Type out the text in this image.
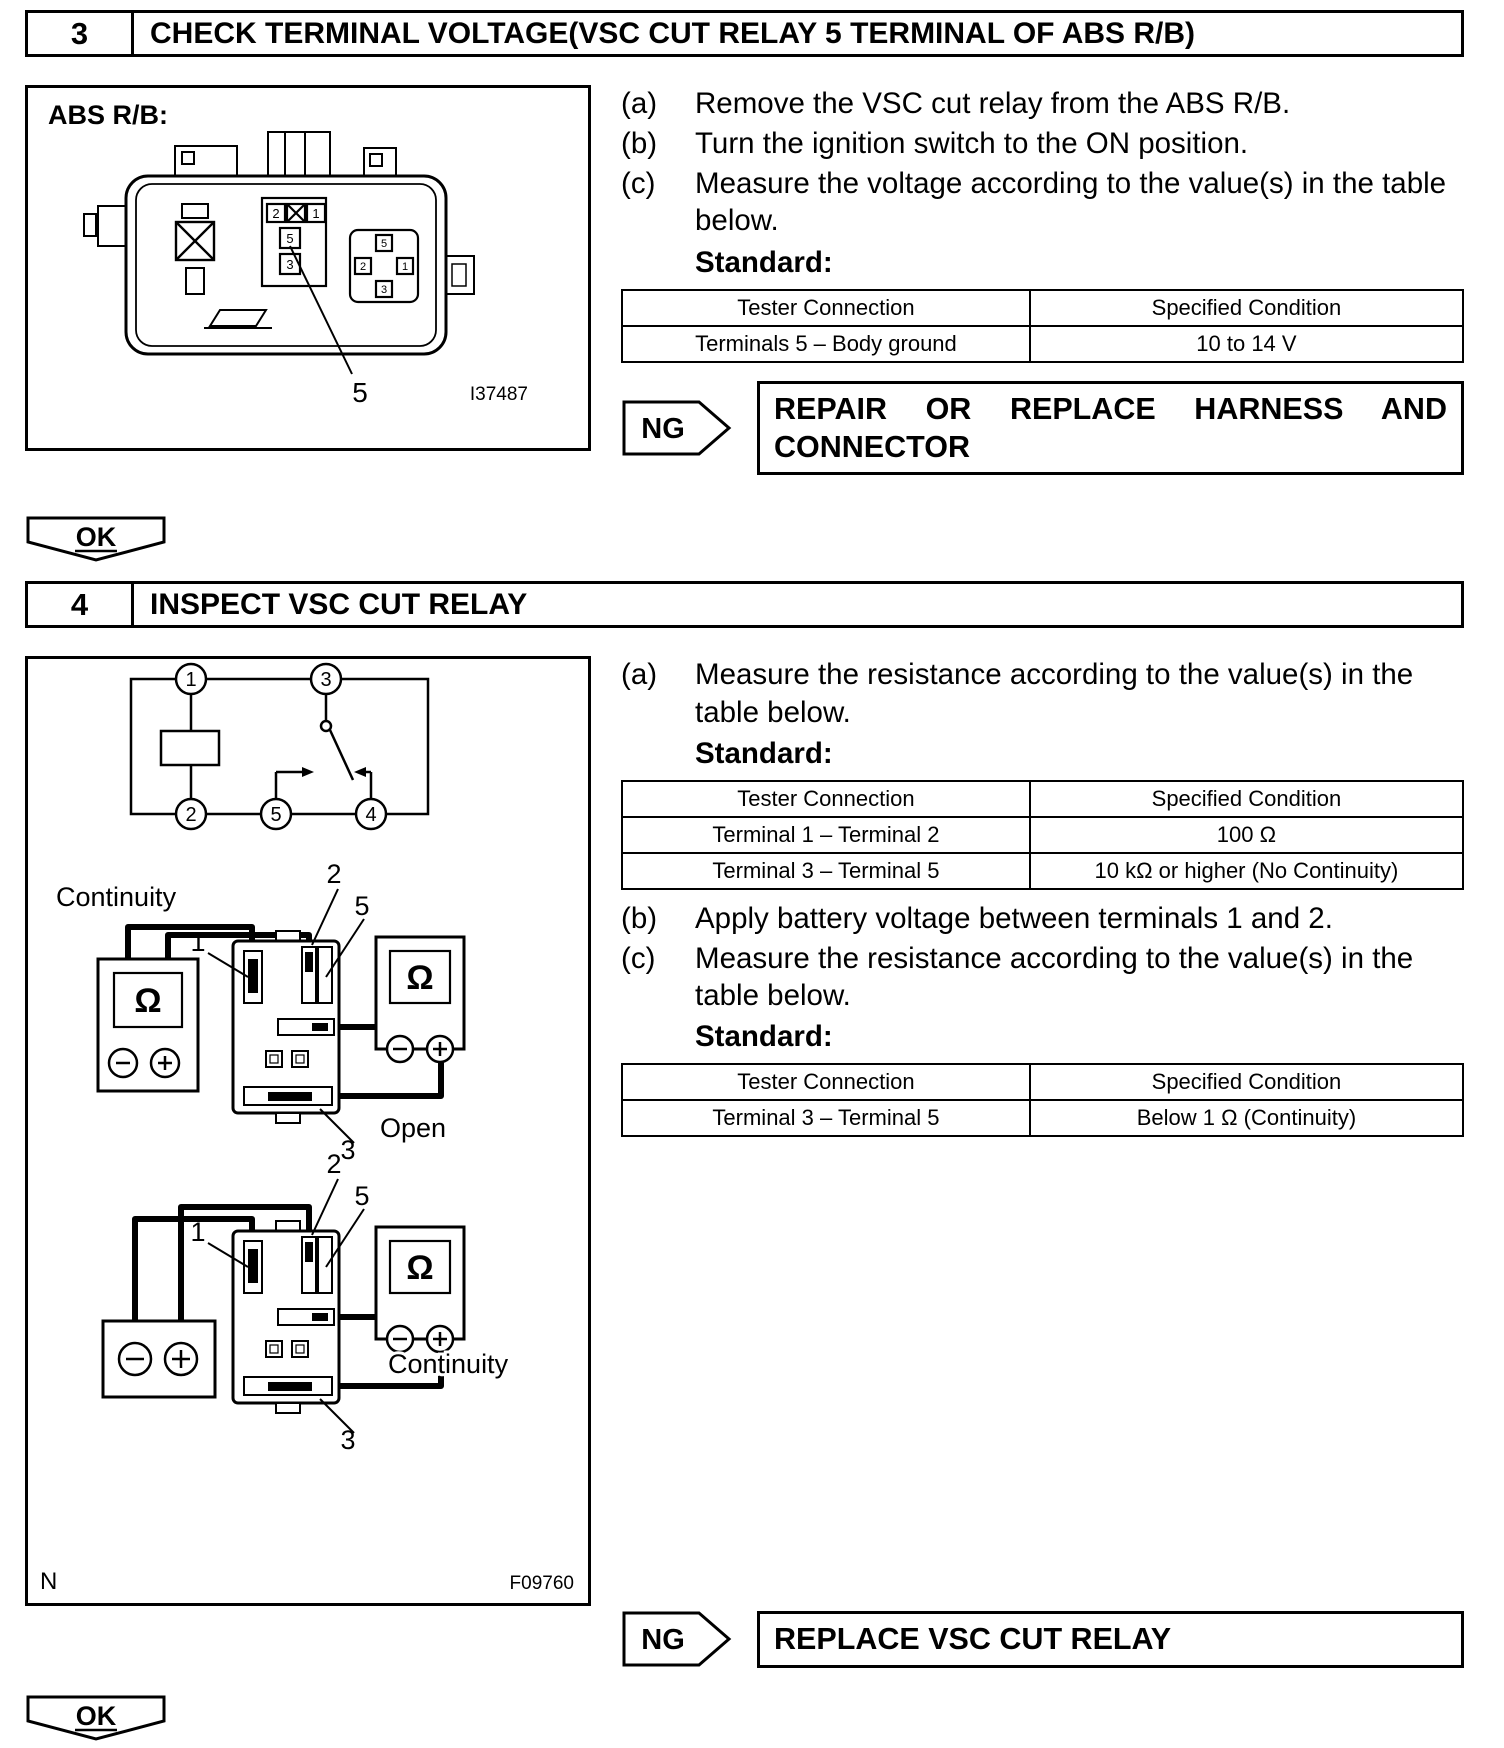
3	CHECK TERMINAL VOLTAGE(VSC CUT RELAY 5 TERMINAL OF ABS R/B)
ABS R/B:
2	1
5
3
5
2	1
3
5	I37487
(a)	Remove the VSC cut relay from the ABS R/B.
(b)	Turn the ignition switch to the ON position.
(c)	Measure the voltage according to the value(s) in the table below.
Standard:
Tester Connection	Specified Condition
Terminals 5 – Body ground	10 to 14 V
NG
REPAIR OR REPLACE HARNESS AND
CONNECTOR
OK
4	INSPECT VSC CUT RELAY
1	3
2	5	4
Continuity
Ω
Ω
2
5
1
3
Open
Ω
2
5
1
3
Continuity
N	F09760
(a)	Measure the resistance according to the value(s) in the table below.
Standard:
Tester Connection	Specified Condition
Terminal 1 – Terminal 2	100 Ω
Terminal 3 – Terminal 5	10 kΩ or higher (No Continuity)
(b)	Apply battery voltage between terminals 1 and 2.
(c)	Measure the resistance according to the value(s) in the table below.
Standard:
Tester Connection	Specified Condition
Terminal 3 – Terminal 5	Below 1 Ω (Continuity)
NG	REPLACE VSC CUT RELAY
OK
